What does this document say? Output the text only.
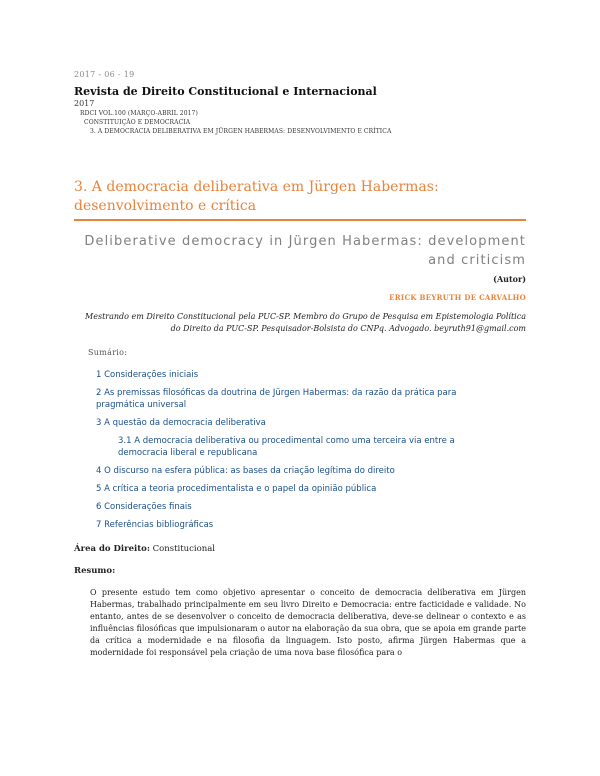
2017 - 06 - 19
Revista de Direito Constitucional e Internacional
2017
RDCI VOL.100 (MARÇO-ABRIL 2017)
CONSTITUIÇÃO E DEMOCRACIA
3. A DEMOCRACIA DELIBERATIVA EM JÜRGEN HABERMAS: DESENVOLVIMENTO E CRÍTICA
3. A democracia deliberativa em Jürgen Habermas: desenvolvimento e crítica
Deliberative democracy in Jürgen Habermas: development and criticism
(Autor)
ERICK BEYRUTH DE CARVALHO
Mestrando em Direito Constitucional pela PUC-SP. Membro do Grupo de Pesquisa em Epistemologia Política do Direito da PUC-SP. Pesquisador-Bolsista do CNPq. Advogado. beyruth91@gmail.com
Sumário:
1 Considerações iniciais
2 As premissas filosóficas da doutrina de Jürgen Habermas: da razão da prática para pragmática universal
3 A questão da democracia deliberativa
3.1 A democracia deliberativa ou procedimental como uma terceira via entre a democracia liberal e republicana
4 O discurso na esfera pública: as bases da criação legítima do direito
5 A crítica a teoria procedimentalista e o papel da opinião pública
6 Considerações finais
7 Referências bibliográficas
Área do Direito: Constitucional
Resumo:
O presente estudo tem como objetivo apresentar o conceito de democracia deliberativa em Jürgen Habermas, trabalhado principalmente em seu livro Direito e Democracia: entre facticidade e validade. No entanto, antes de se desenvolver o conceito de democracia deliberativa, deve-se delinear o contexto e as influências filosóficas que impulsionaram o autor na elaboração da sua obra, que se apoia em grande parte da crítica a modernidade e na filosofia da linguagem. Isto posto, afirma Jürgen Habermas que a modernidade foi responsável pela criação de uma nova base filosófica para o
